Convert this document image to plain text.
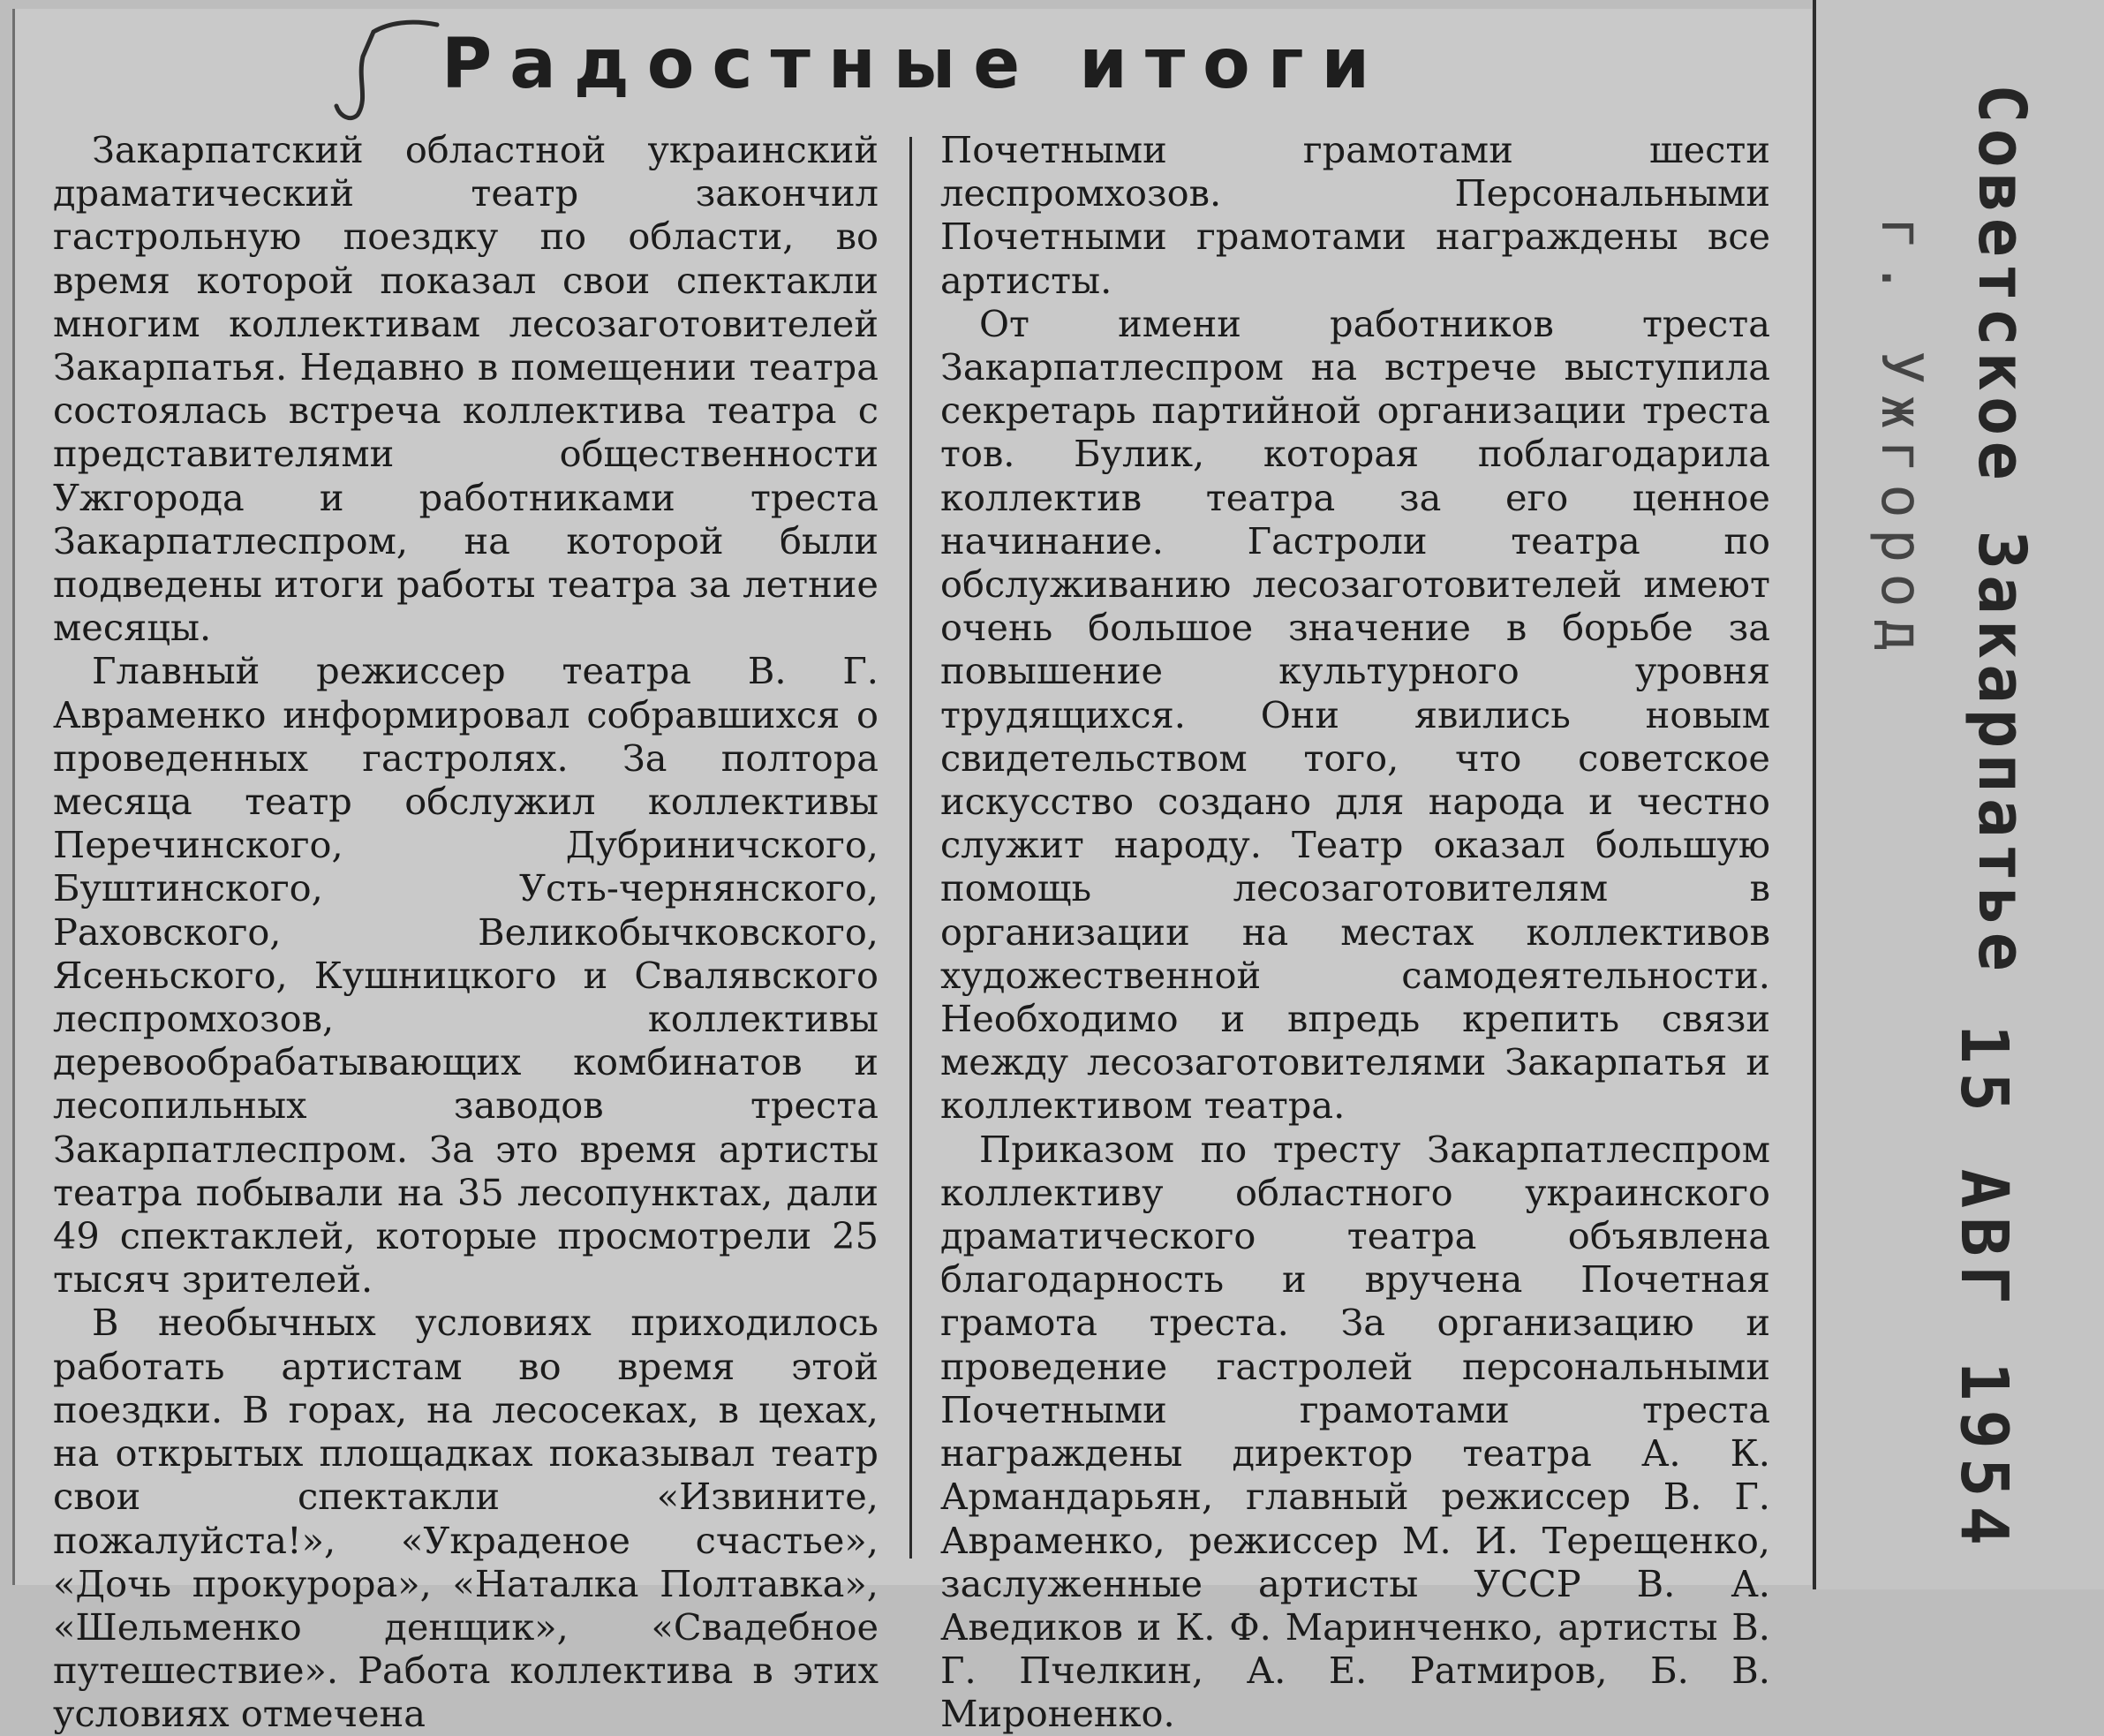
Радостные итоги

Закарпатский областной украинский драматический театр закончил гастрольную поездку по области, во время которой показал свои спектакли многим коллективам лесозаготовителей Закарпатья. Недавно в помещении театра состоялась встреча коллектива театра с представителями общественности Ужгорода и работниками треста Закарпатлеспром, на которой были подведены итоги работы театра за летние месяцы.

Главный режиссер театра В. Г. Авраменко информировал собравшихся о проведенных гастролях. За полтора месяца театр обслужил коллективы Перечинского, Дубриничского, Буштинского, Усть-чернянского, Раховского, Великобычковского, Ясеньского, Кушницкого и Свалявского леспромхозов, коллективы деревообрабатывающих комбинатов и лесопильных заводов треста Закарпатлеспром. За это время артисты театра побывали на 35 лесопунктах, дали 49 спектаклей, которые просмотрели 25 тысяч зрителей.

В необычных условиях приходилось работать артистам во время этой поездки. В горах, на лесосеках, в цехах, на открытых площадках показывал театр свои спектакли «Извините, пожалуйста!», «Украденое счастье», «Дочь прокурора», «Наталка Полтавка», «Шельменко денщик», «Свадебное путешествие». Работа коллектива в этих условиях отмечена

Почетными грамотами шести леспромхозов. Персональными Почетными грамотами награждены все артисты.

От имени работников треста Закарпатлеспром на встрече выступила секретарь партийной организации треста тов. Булик, которая поблагодарила коллектив театра за его ценное начинание. Гастроли театра по обслуживанию лесозаготовителей имеют очень большое значение в борьбе за повышение культурного уровня трудящихся. Они явились новым свидетельством того, что советское искусство создано для народа и честно служит народу. Театр оказал большую помощь лесозаготовителям в организации на местах коллективов художественной самодеятельности. Необходимо и впредь крепить связи между лесозаготовителями Закарпатья и коллективом театра.

Приказом по тресту Закарпатлеспром коллективу областного украинского драматического театра объявлена благодарность и вручена Почетная грамота треста. За организацию и проведение гастролей персональными Почетными грамотами треста награждены директор театра А. К. Армандарьян, главный режиссер В. Г. Авраменко, режиссер М. И. Терещенко, заслуженные артисты УССР В. А. Аведиков и К. Ф. Маринченко, артисты В. Г. Пчелкин, А. Е. Ратмиров, Б. В. Мироненко.

Советское Закарпатье
г. Ужгород
15 АВГ 1954
